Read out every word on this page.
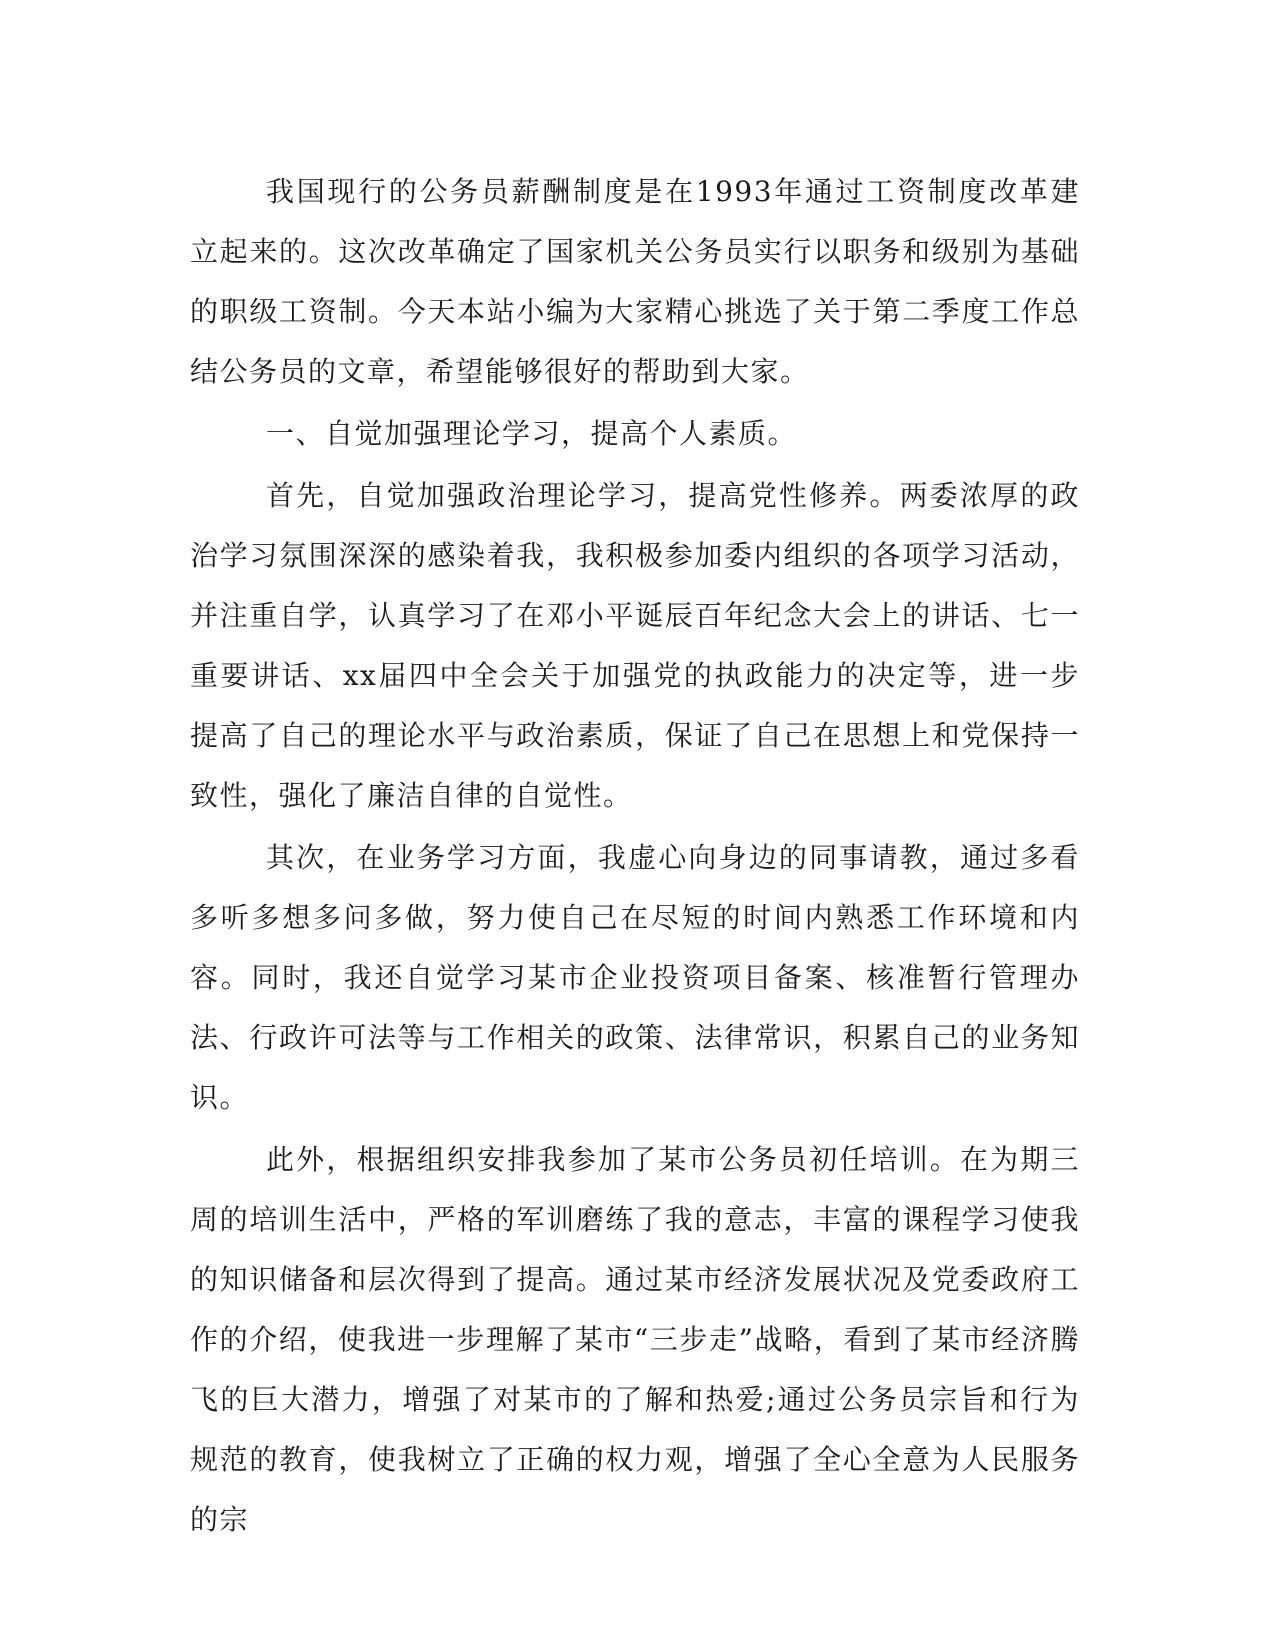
我国现行的公务员薪酬制度是在1993年通过工资制度改革建立起来的。这次改革确定了国家机关公务员实行以职务和级别为基础的职级工资制。今天本站小编为大家精心挑选了关于第二季度工作总结公务员的文章，希望能够很好的帮助到大家。

一、自觉加强理论学习，提高个人素质。

首先，自觉加强政治理论学习，提高党性修养。两委浓厚的政治学习氛围深深的感染着我，我积极参加委内组织的各项学习活动，并注重自学，认真学习了在邓小平诞辰百年纪念大会上的讲话、七一重要讲话、xx届四中全会关于加强党的执政能力的决定等，进一步提高了自己的理论水平与政治素质，保证了自己在思想上和党保持一致性，强化了廉洁自律的自觉性。

其次，在业务学习方面，我虚心向身边的同事请教，通过多看多听多想多问多做，努力使自己在尽短的时间内熟悉工作环境和内容。同时，我还自觉学习某市企业投资项目备案、核准暂行管理办法、行政许可法等与工作相关的政策、法律常识，积累自己的业务知识。

此外，根据组织安排我参加了某市公务员初任培训。在为期三周的培训生活中，严格的军训磨练了我的意志，丰富的课程学习使我的知识储备和层次得到了提高。通过某市经济发展状况及党委政府工作的介绍，使我进一步理解了某市“三步走”战略，看到了某市经济腾飞的巨大潜力，增强了对某市的了解和热爱;通过公务员宗旨和行为规范的教育，使我树立了正确的权力观，增强了全心全意为人民服务的宗
